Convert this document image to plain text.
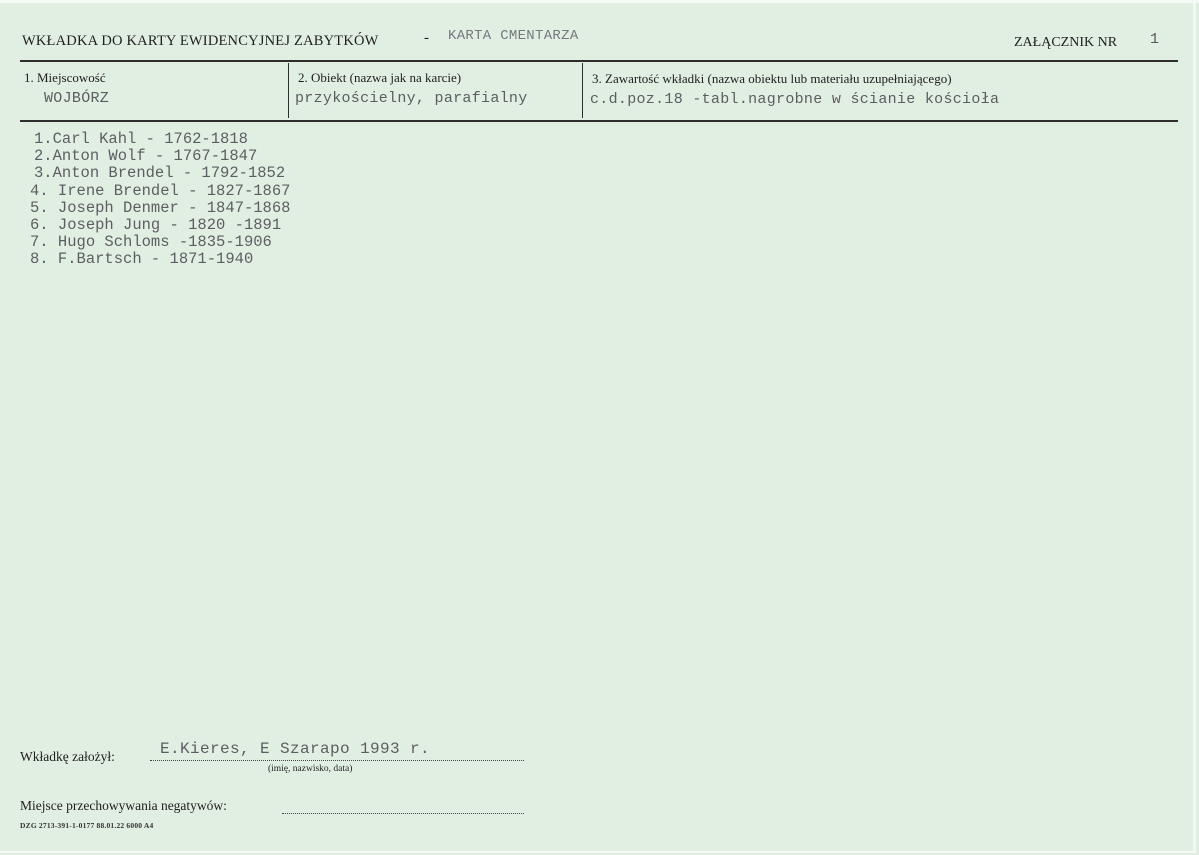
WKŁADKA DO KARTY EWIDENCYJNEJ ZABYTKÓW	- KARTA CMENTARZA	ZAŁĄCZNIK NR 1
1. Miejscowość
WOJBÓRZ
2. Obiekt (nazwa jak na karcie)
przykościelny, parafialny
3. Zawartość wkładki (nazwa obiektu lub materiału uzupełniającego)
c.d.poz.18 -tabl.nagrobne w ścianie kościoła
1.Carl Kahl - 1762-1818
2.Anton Wolf - 1767-1847
3.Anton Brendel - 1792-1852
4. Irene Brendel - 1827-1867
5. Joseph Denmer - 1847-1868
6. Joseph Jung - 1820 -1891
7. Hugo Schloms -1835-1906
8. F.Bartsch - 1871-1940
Wkładkę założył:	E.Kieres, E Szarapo 1993 r.
(imię, nazwisko, data)
Miejsce przechowywania negatywów:
DZG 2713-391-1-0177 88.01.22 6000 A4
